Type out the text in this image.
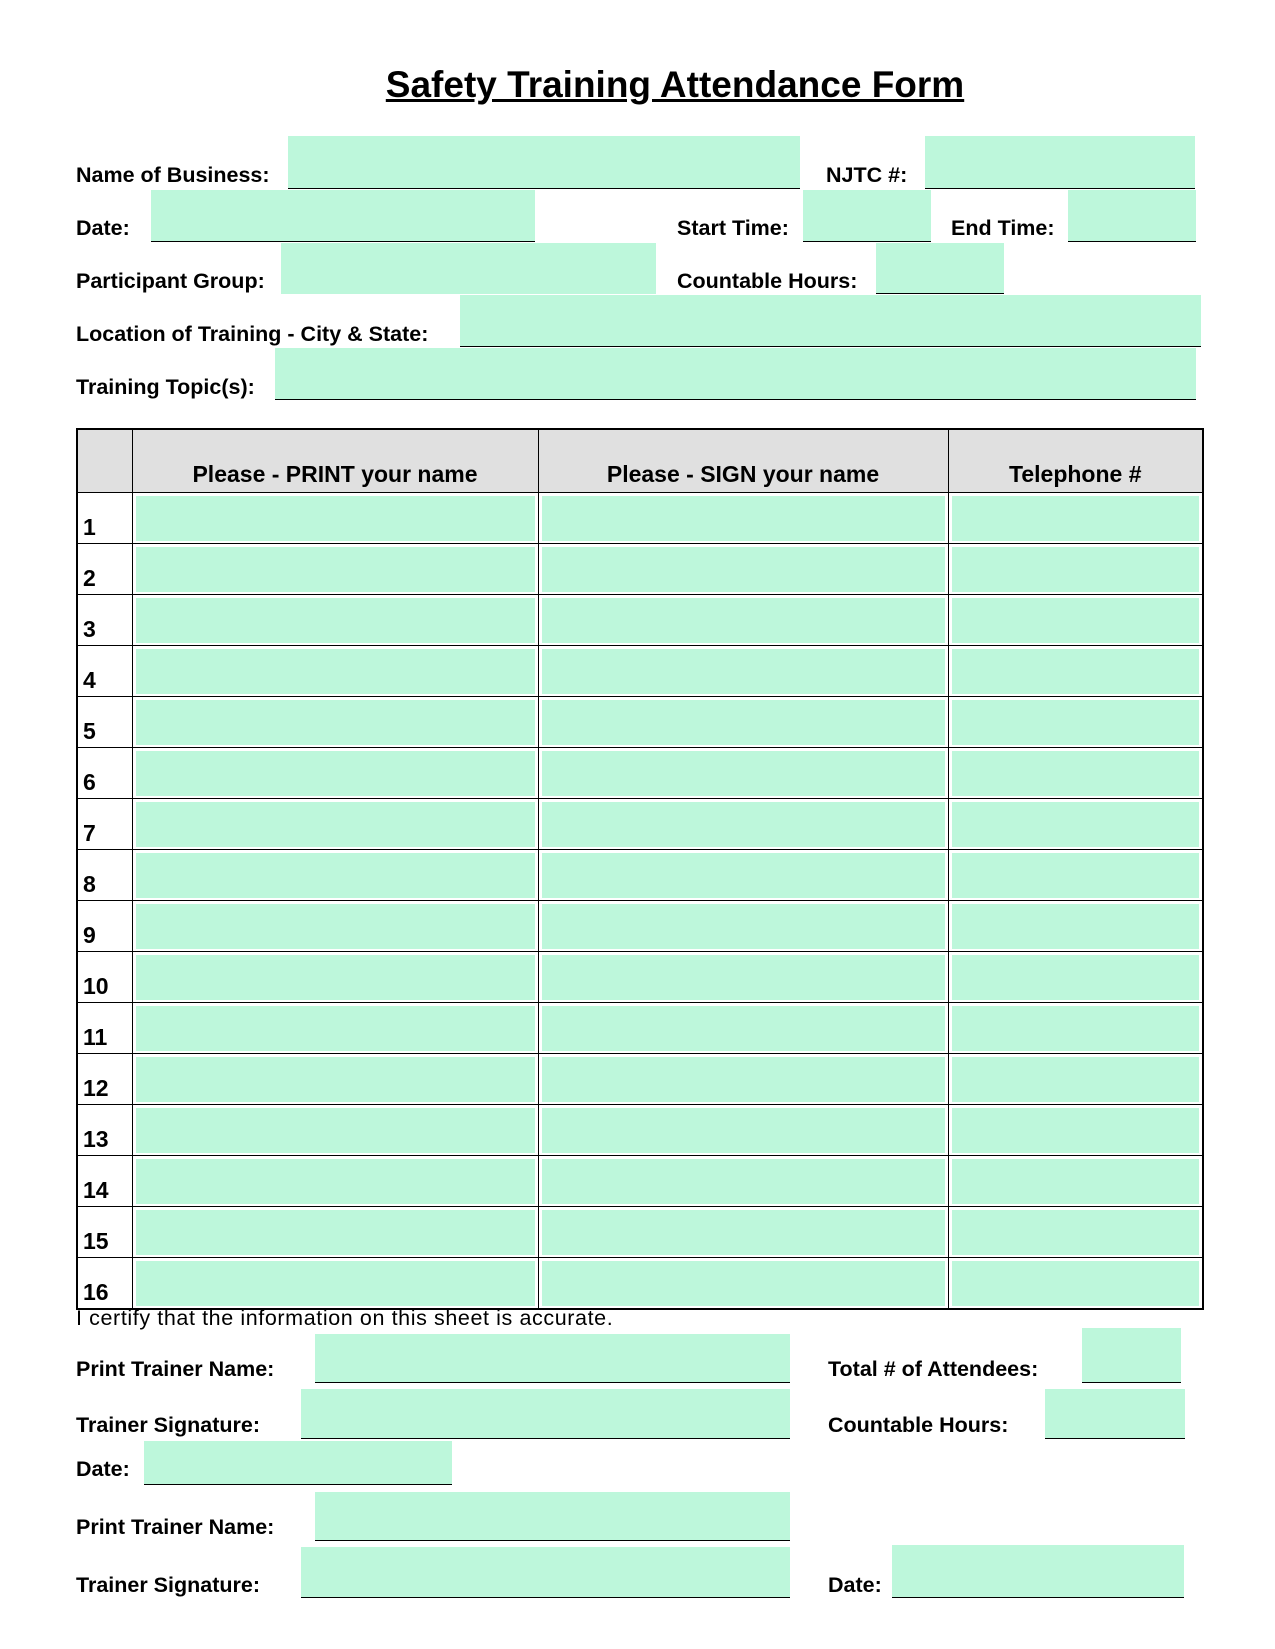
Safety Training Attendance Form
Name of Business:	NJTC #:
Date:	Start Time:	End Time:
Participant Group:	Countable Hours:
Location of Training - City & State:
Training Topic(s):
	Please - PRINT your name	Please - SIGN your name	Telephone #
1	

2	

3	

4	

5	

6	

7	

8	

9	

10	

11	

12	

13	

14	

15	

16	

I certify that the information on this sheet is accurate.
Print Trainer Name:	Total # of Attendees:
Trainer Signature:	Countable Hours:
Date:
Print Trainer Name:
Trainer Signature:	Date:
